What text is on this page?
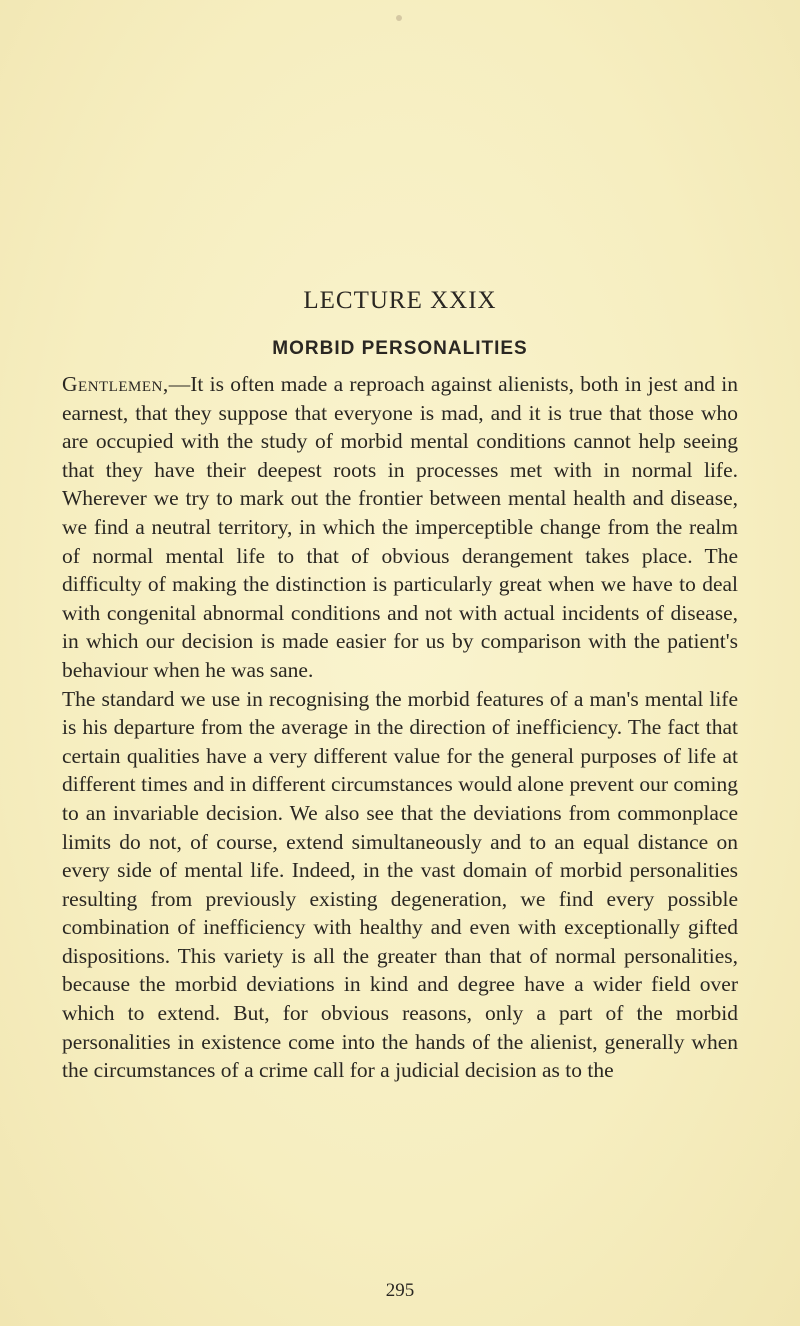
LECTURE XXIX
MORBID PERSONALITIES

Gentlemen,—It is often made a reproach against alienists, both in jest and in earnest, that they suppose that everyone is mad, and it is true that those who are occupied with the study of morbid mental conditions cannot help seeing that they have their deepest roots in processes met with in normal life. Wherever we try to mark out the frontier between mental health and disease, we find a neutral territory, in which the imperceptible change from the realm of normal mental life to that of obvious derangement takes place. The difficulty of making the distinction is particularly great when we have to deal with congenital abnormal conditions and not with actual incidents of disease, in which our decision is made easier for us by comparison with the patient's behaviour when he was sane.

The standard we use in recognising the morbid features of a man's mental life is his departure from the average in the direction of inefficiency. The fact that certain qualities have a very different value for the general purposes of life at different times and in different circumstances would alone prevent our coming to an invariable decision. We also see that the deviations from commonplace limits do not, of course, extend simultaneously and to an equal distance on every side of mental life. Indeed, in the vast domain of morbid personalities resulting from previously existing degeneration, we find every possible combination of inefficiency with healthy and even with exceptionally gifted dispositions. This variety is all the greater than that of normal personalities, because the morbid deviations in kind and degree have a wider field over which to extend. But, for obvious reasons, only a part of the morbid personalities in existence come into the hands of the alienist, generally when the circumstances of a crime call for a judicial decision as to the

295
